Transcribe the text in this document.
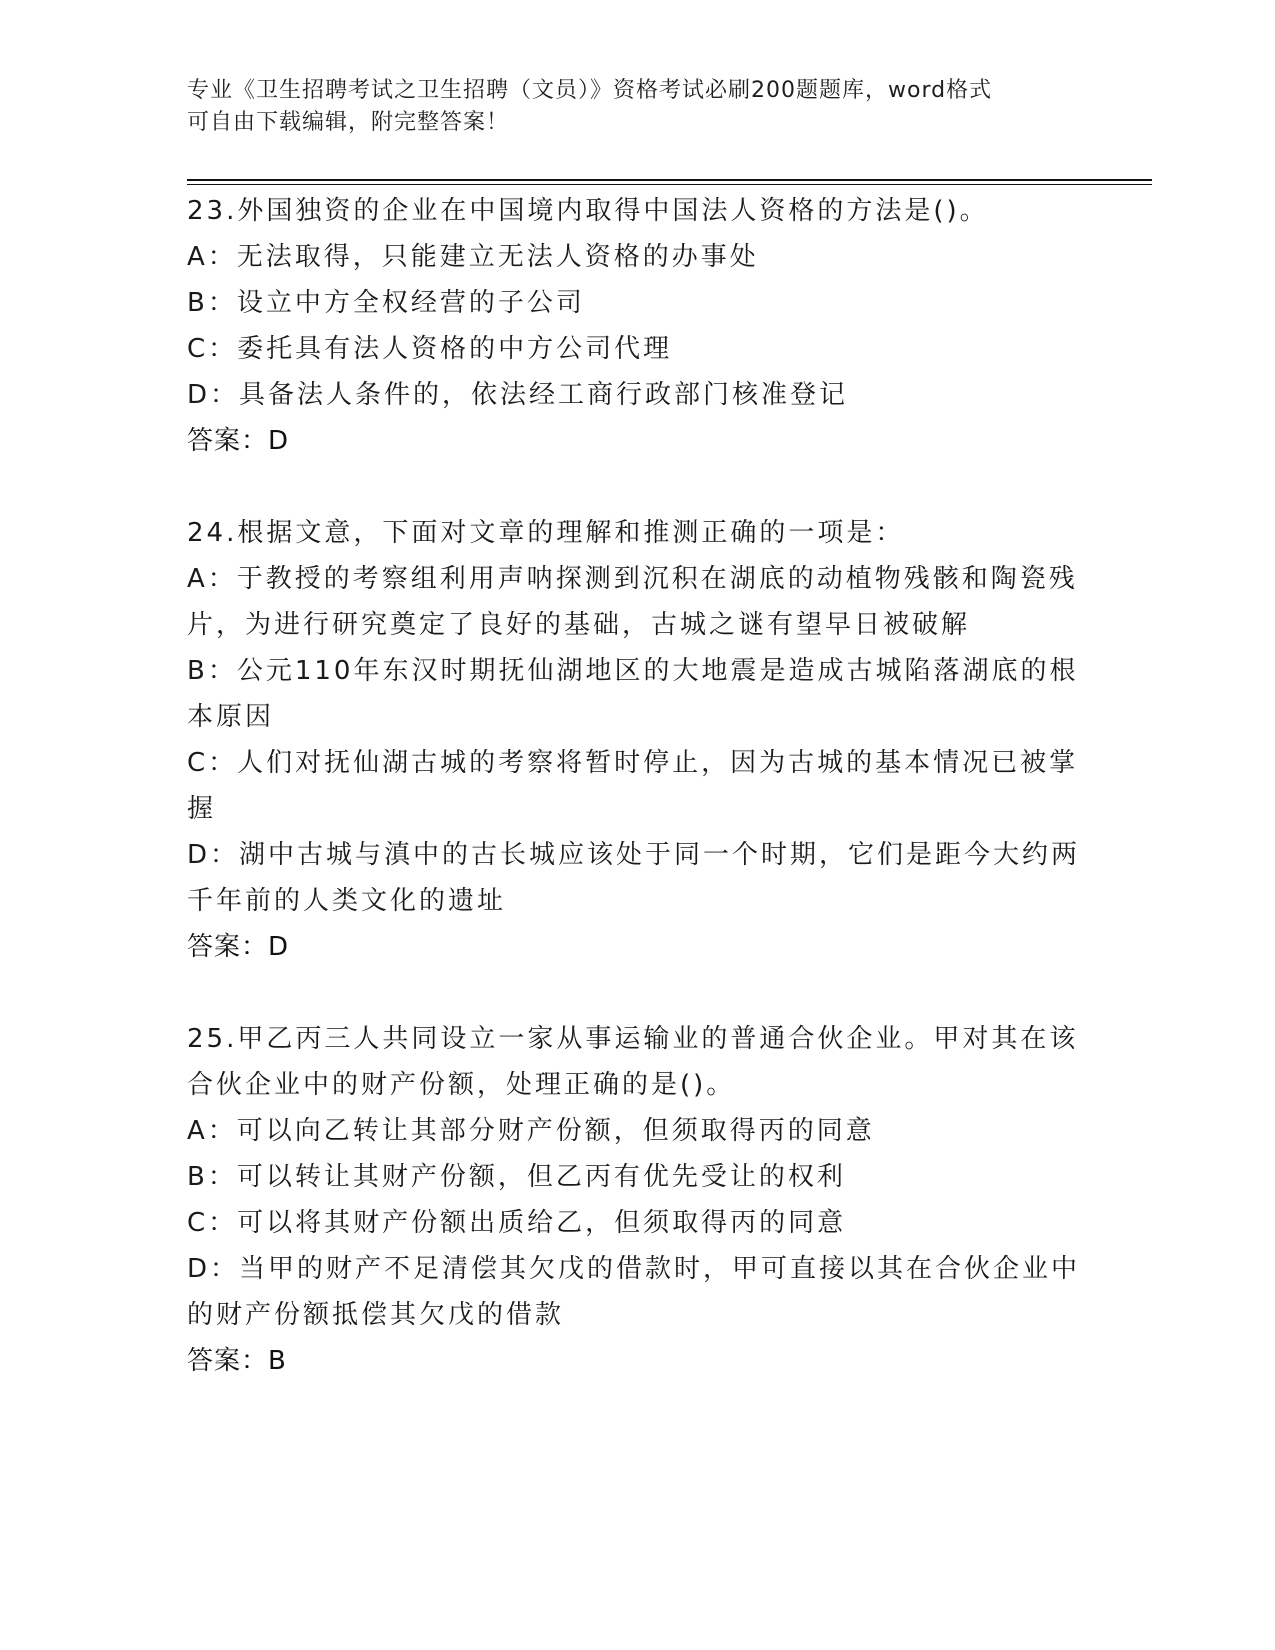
专业《卫生招聘考试之卫生招聘（文员）》资格考试必刷200题题库，word格式
可自由下载编辑，附完整答案！

23.外国独资的企业在中国境内取得中国法人资格的方法是()。

A：无法取得，只能建立无法人资格的办事处

B：设立中方全权经营的子公司

C：委托具有法人资格的中方公司代理

D：具备法人条件的，依法经工商行政部门核准登记

答案：D

24.根据文意，下面对文章的理解和推测正确的一项是：

A：于教授的考察组利用声呐探测到沉积在湖底的动植物残骸和陶瓷残片，为进行研究奠定了良好的基础，古城之谜有望早日被破解

B：公元110年东汉时期抚仙湖地区的大地震是造成古城陷落湖底的根本原因

C：人们对抚仙湖古城的考察将暂时停止，因为古城的基本情况已被掌握

D：湖中古城与滇中的古长城应该处于同一个时期，它们是距今大约两千年前的人类文化的遗址

答案：D

25.甲乙丙三人共同设立一家从事运输业的普通合伙企业。甲对其在该合伙企业中的财产份额，处理正确的是()。

A：可以向乙转让其部分财产份额，但须取得丙的同意

B：可以转让其财产份额，但乙丙有优先受让的权利

C：可以将其财产份额出质给乙，但须取得丙的同意

D：当甲的财产不足清偿其欠戊的借款时，甲可直接以其在合伙企业中的财产份额抵偿其欠戊的借款

答案：B
